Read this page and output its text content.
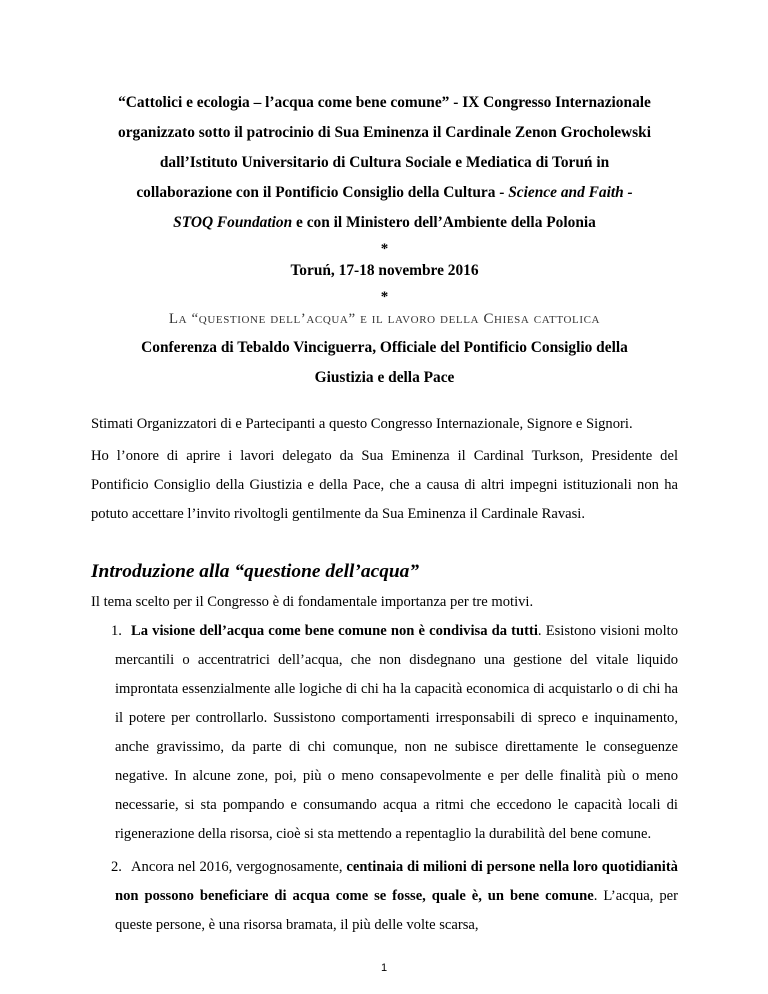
“Cattolici e ecologia – l’acqua come bene comune” - IX Congresso Internazionale
organizzato sotto il patrocinio di Sua Eminenza il Cardinale Zenon Grocholewski
dall’Istituto Universitario di Cultura Sociale e Mediatica di Toruń in
collaborazione con il Pontificio Consiglio della Cultura - Science and Faith -
STOQ Foundation e con il Ministero dell’Ambiente della Polonia
*
Toruń, 17-18 novembre 2016
*
La “questione dell’acqua” e il lavoro della Chiesa cattolica
Conferenza di Tebaldo Vinciguerra, Officiale del Pontificio Consiglio della
Giustizia e della Pace

Stimati Organizzatori di e Partecipanti a questo Congresso Internazionale, Signore e Signori.

Ho l’onore di aprire i lavori delegato da Sua Eminenza il Cardinal Turkson, Presidente del Pontificio Consiglio della Giustizia e della Pace, che a causa di altri impegni istituzionali non ha potuto accettare l’invito rivoltogli gentilmente da Sua Eminenza il Cardinale Ravasi.

Introduzione alla “questione dell’acqua”

Il tema scelto per il Congresso è di fondamentale importanza per tre motivi.

1. La visione dell’acqua come bene comune non è condivisa da tutti. Esistono visioni molto mercantili o accentratrici dell’acqua, che non disdegnano una gestione del vitale liquido improntata essenzialmente alle logiche di chi ha la capacità economica di acquistarlo o di chi ha il potere per controllarlo. Sussistono comportamenti irresponsabili di spreco e inquinamento, anche gravissimo, da parte di chi comunque, non ne subisce direttamente le conseguenze negative. In alcune zone, poi, più o meno consapevolmente e per delle finalità più o meno necessarie, si sta pompando e consumando acqua a ritmi che eccedono le capacità locali di rigenerazione della risorsa, cioè si sta mettendo a repentaglio la durabilità del bene comune.

2. Ancora nel 2016, vergognosamente, centinaia di milioni di persone nella loro quotidianità non possono beneficiare di acqua come se fosse, quale è, un bene comune. L’acqua, per queste persone, è una risorsa bramata, il più delle volte scarsa,

1
